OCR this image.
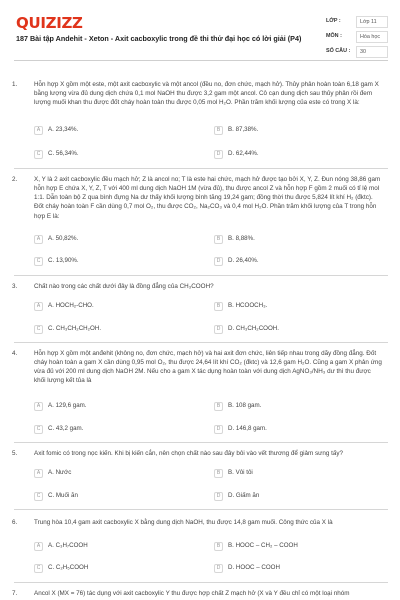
QUIZIZZ
187 Bài tập Andehit - Xeton - Axit cacboxylic trong đề thi thử đại học có lời giải (P4)
LỚP :	Lớp 11
MÔN :	Hóa học
SỐ CÂU :	30
1.	Hỗn hợp X gồm một este, một axit cacboxylic và một ancol (đều no, đơn chức, mạch hở). Thủy phân hoàn toàn 6,18 gam X bằng lượng vừa đủ dung dịch chứa 0,1 mol NaOH thu được 3,2 gam một ancol. Cô cạn dung dịch sau thủy phân rồi đem lượng muối khan thu được đốt cháy hoàn toàn thu được 0,05 mol H₂O. Phần trăm khối lượng của este có trong X là:
A	A. 23,34%.	B	B. 87,38%.
C	C. 56,34%.	D	D. 62,44%.
2.	X, Y là 2 axit cacboxylic đều mạch hở; Z là ancol no; T là este hai chức, mạch hở được tạo bởi X, Y, Z. Đun nóng 38,86 gam hỗn hợp E chứa X, Y, Z, T với 400 ml dung dịch NaOH 1M (vừa đủ), thu được ancol Z và hỗn hợp F gồm 2 muối có tỉ lệ mol 1:1. Dẫn toàn bộ Z qua bình đựng Na dư thấy khối lượng bình tăng 19,24 gam; đồng thời thu được 5,824 lít khí H₂ (đktc). Đốt cháy hoàn toàn F cần dùng 0,7 mol O₂, thu được CO₂, Na₂CO₃ và 0,4 mol H₂O. Phần trăm khối lượng của T trong hỗn hợp E là:
A	A. 50,82%.	B	B. 8,88%.
C	C. 13,90%.	D	D. 26,40%.
3.	Chất nào trong các chất dưới đây là đồng đẳng của CH₃COOH?
A	A. HOCH₂-CHO.	B	B. HCOOCH₃.
C	C. CH₃CH₂CH₂OH.	D	D. CH₃CH₂COOH.
4.	Hỗn hợp X gồm một anđehit (không no, đơn chức, mạch hở) và hai axit đơn chức, liên tiếp nhau trong dãy đồng đẳng. Đốt cháy hoàn toàn a gam X cần dùng 0,95 mol O₂, thu được 24,64 lít khí CO₂ (đktc) và 12,6 gam H₂O. Cũng a gam X phản ứng vừa đủ với 200 ml dung dịch NaOH 2M. Nếu cho a gam X tác dụng hoàn toàn với dung dịch AgNO₃/NH₃ dư thì thu được khối lượng kết tủa là
A	A. 129,6 gam.	B	B. 108 gam.
C	C. 43,2 gam.	D	D. 146,8 gam.
5.	Axit fomic có trong nọc kiến. Khi bị kiến cắn, nên chọn chất nào sau đây bôi vào vết thương để giảm sưng tấy?
A	A. Nước	B	B. Vôi tôi
C	C. Muối ăn	D	D. Giấm ăn
6.	Trung hòa 10,4 gam axit cacboxylic X bằng dung dịch NaOH, thu được 14,8 gam muối. Công thức của X là
A	A. C₃H₇COOH	B	B. HOOC – CH₂ – COOH
C	C. C₂H₅COOH	D	D. HOOC – COOH
7.	Ancol X (MX = 76) tác dụng với axit cacboxylic Y thu được hợp chất Z mạch hở (X và Y đều chỉ có một loại nhóm
